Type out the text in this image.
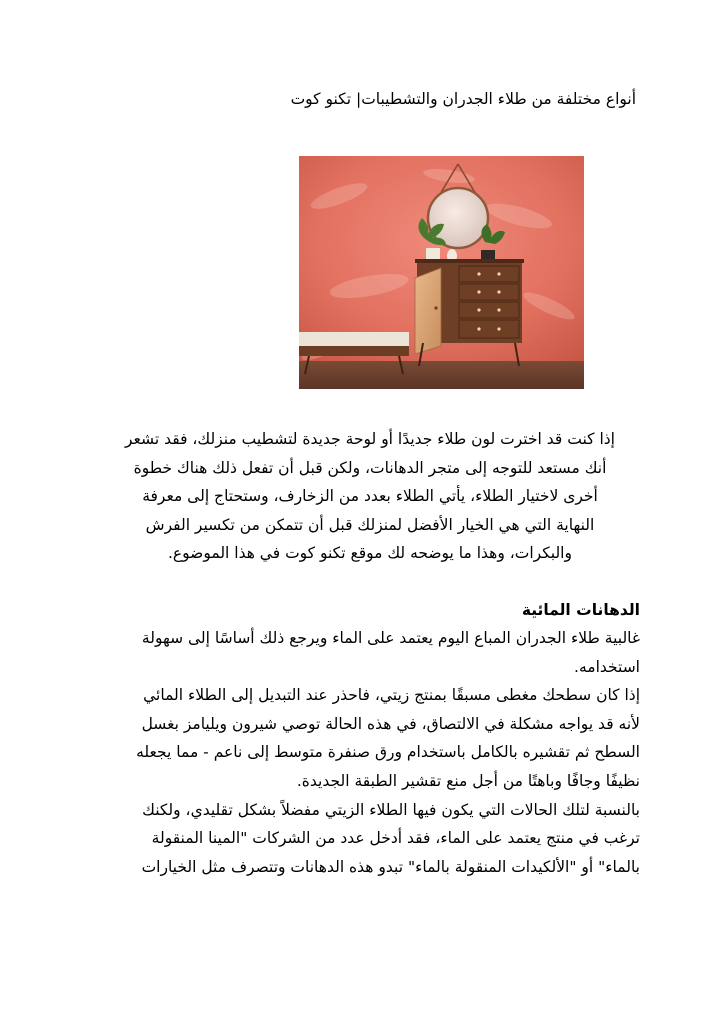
أنواع مختلفة من طلاء الجدران والتشطيبات| تكنو كوت

إذا كنت قد اخترت لون طلاء جديدًا أو لوحة جديدة لتشطيب منزلك، فقد تشعر

أنك مستعد للتوجه إلى متجر الدهانات، ولكن قبل أن تفعل ذلك هناك خطوة

أخرى لاختيار الطلاء، يأتي الطلاء بعدد من الزخارف، وستحتاج إلى معرفة

النهاية التي هي الخيار الأفضل لمنزلك قبل أن تتمكن من تكسير الفرش

والبكرات، وهذا ما يوضحه لك موقع تكنو كوت في هذا الموضوع.

الدهانات المائية

غالبية طلاء الجدران المباع اليوم يعتمد على الماء ويرجع ذلك أساسًا إلى سهولة

استخدامه.

إذا كان سطحك مغطى مسبقًا بمنتج زيتي، فاحذر عند التبديل إلى الطلاء المائي

لأنه قد يواجه مشكلة في الالتصاق، في هذه الحالة توصي شيرون ويليامز بغسل

السطح ثم تقشيره بالكامل باستخدام ورق صنفرة متوسط إلى ناعم - مما يجعله

نظيفًا وجافًا وباهتًا من أجل منع تقشير الطبقة الجديدة.

بالنسبة لتلك الحالات التي يكون فيها الطلاء الزيتي مفضلاً بشكل تقليدي، ولكنك

ترغب في منتج يعتمد على الماء، فقد أدخل عدد من الشركات "المينا المنقولة

بالماء" أو "الألكيدات المنقولة بالماء" تبدو هذه الدهانات وتتصرف مثل الخيارات
